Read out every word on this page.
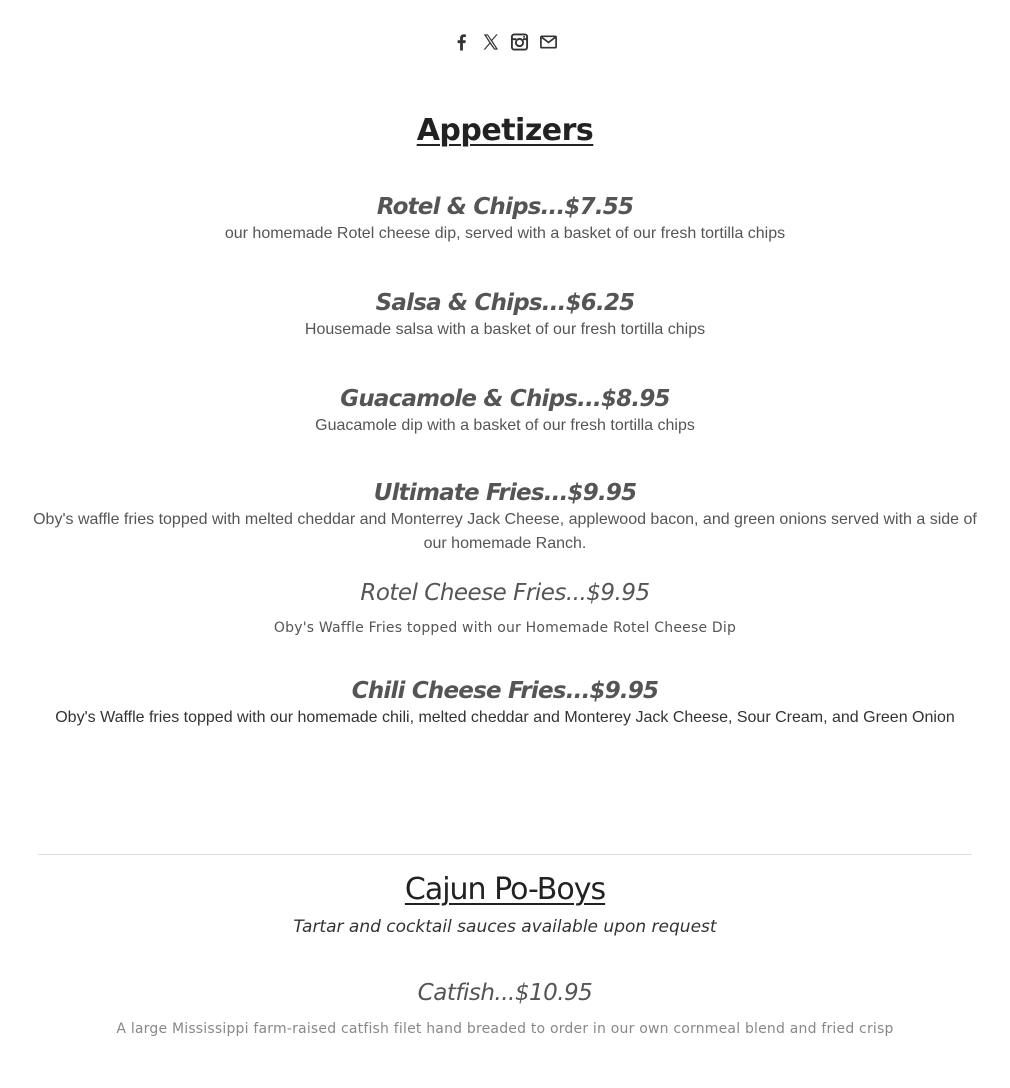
Appetizers
Rotel & Chips...$7.55
our homemade Rotel cheese dip, served with a basket of our fresh tortilla chips
Salsa & Chips...$6.25
Housemade salsa with a basket of our fresh tortilla chips
Guacamole & Chips...$8.95
Guacamole dip with a basket of our fresh tortilla chips
Ultimate Fries...$9.95
Oby's waffle fries topped with melted cheddar and Monterrey Jack Cheese, applewood bacon, and green onions served with a side of our homemade Ranch.
Rotel Cheese Fries...$9.95
Oby's Waffle Fries topped with our Homemade Rotel Cheese Dip
Chili Cheese Fries...$9.95
Oby's Waffle fries topped with our homemade chili, melted cheddar and Monterey Jack Cheese, Sour Cream, and Green Onion
Cajun Po-Boys
Tartar and cocktail sauces available upon request
Catfish...$10.95
A large Mississippi farm-raised catfish filet hand breaded to order in our own cornmeal blend and fried crisp
